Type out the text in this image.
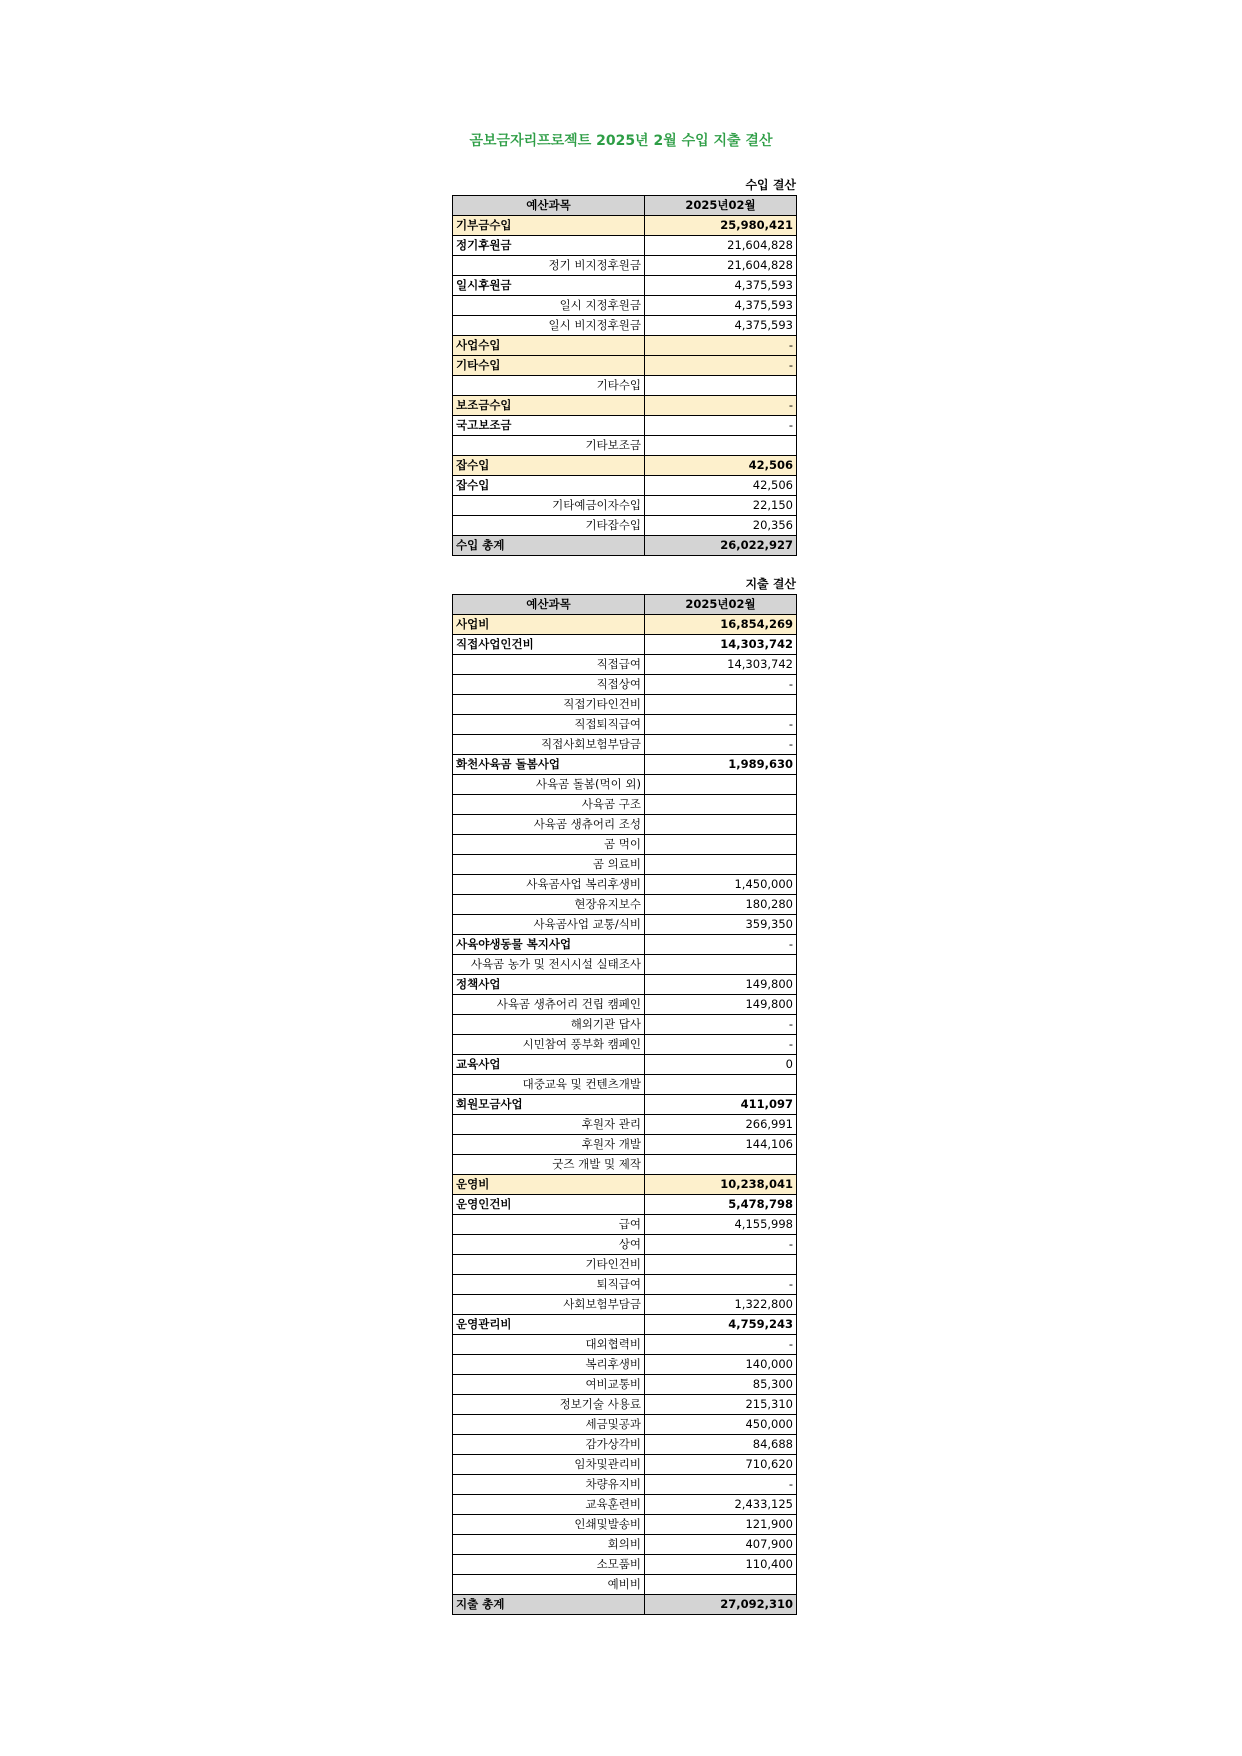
곰보금자리프로젝트 2025년 2월 수입 지출 결산
수입 결산
예산과목	2025년02월
기부금수입	25,980,421
정기후원금	21,604,828
정기 비지정후원금	21,604,828
일시후원금	4,375,593
일시 지정후원금	4,375,593
일시 비지정후원금	4,375,593
사업수입	-
기타수입	-
기타수입	
보조금수입	-
국고보조금	-
기타보조금	
잡수입	42,506
잡수입	42,506
기타예금이자수입	22,150
기타잡수입	20,356
수입 총계	26,022,927
지출 결산
예산과목	2025년02월
사업비	16,854,269
직접사업인건비	14,303,742
직접급여	14,303,742
직접상여	-
직접기타인건비	
직접퇴직급여	-
직접사회보험부담금	-
화천사육곰 돌봄사업	1,989,630
사육곰 돌봄(먹이 외)	
사육곰 구조	
사육곰 생츄어리 조성	
곰 먹이	
곰 의료비	
사육곰사업 복리후생비	1,450,000
현장유지보수	180,280
사육곰사업 교통/식비	359,350
사육야생동물 복지사업	-
사육곰 농가 및 전시시설 실태조사	
정책사업	149,800
사육곰 생츄어리 건립 캠페인	149,800
해외기관 답사	-
시민참여 풍부화 캠페인	-
교육사업	0
대중교육 및 컨텐츠개발	
회원모금사업	411,097
후원자 관리	266,991
후원자 개발	144,106
굿즈 개발 및 제작	
운영비	10,238,041
운영인건비	5,478,798
급여	4,155,998
상여	-
기타인건비	
퇴직급여	-
사회보험부담금	1,322,800
운영관리비	4,759,243
대외협력비	-
복리후생비	140,000
여비교통비	85,300
정보기술 사용료	215,310
세금및공과	450,000
감가상각비	84,688
임차및관리비	710,620
차량유지비	-
교육훈련비	2,433,125
인쇄및발송비	121,900
회의비	407,900
소모품비	110,400
예비비	
지출 총계	27,092,310
